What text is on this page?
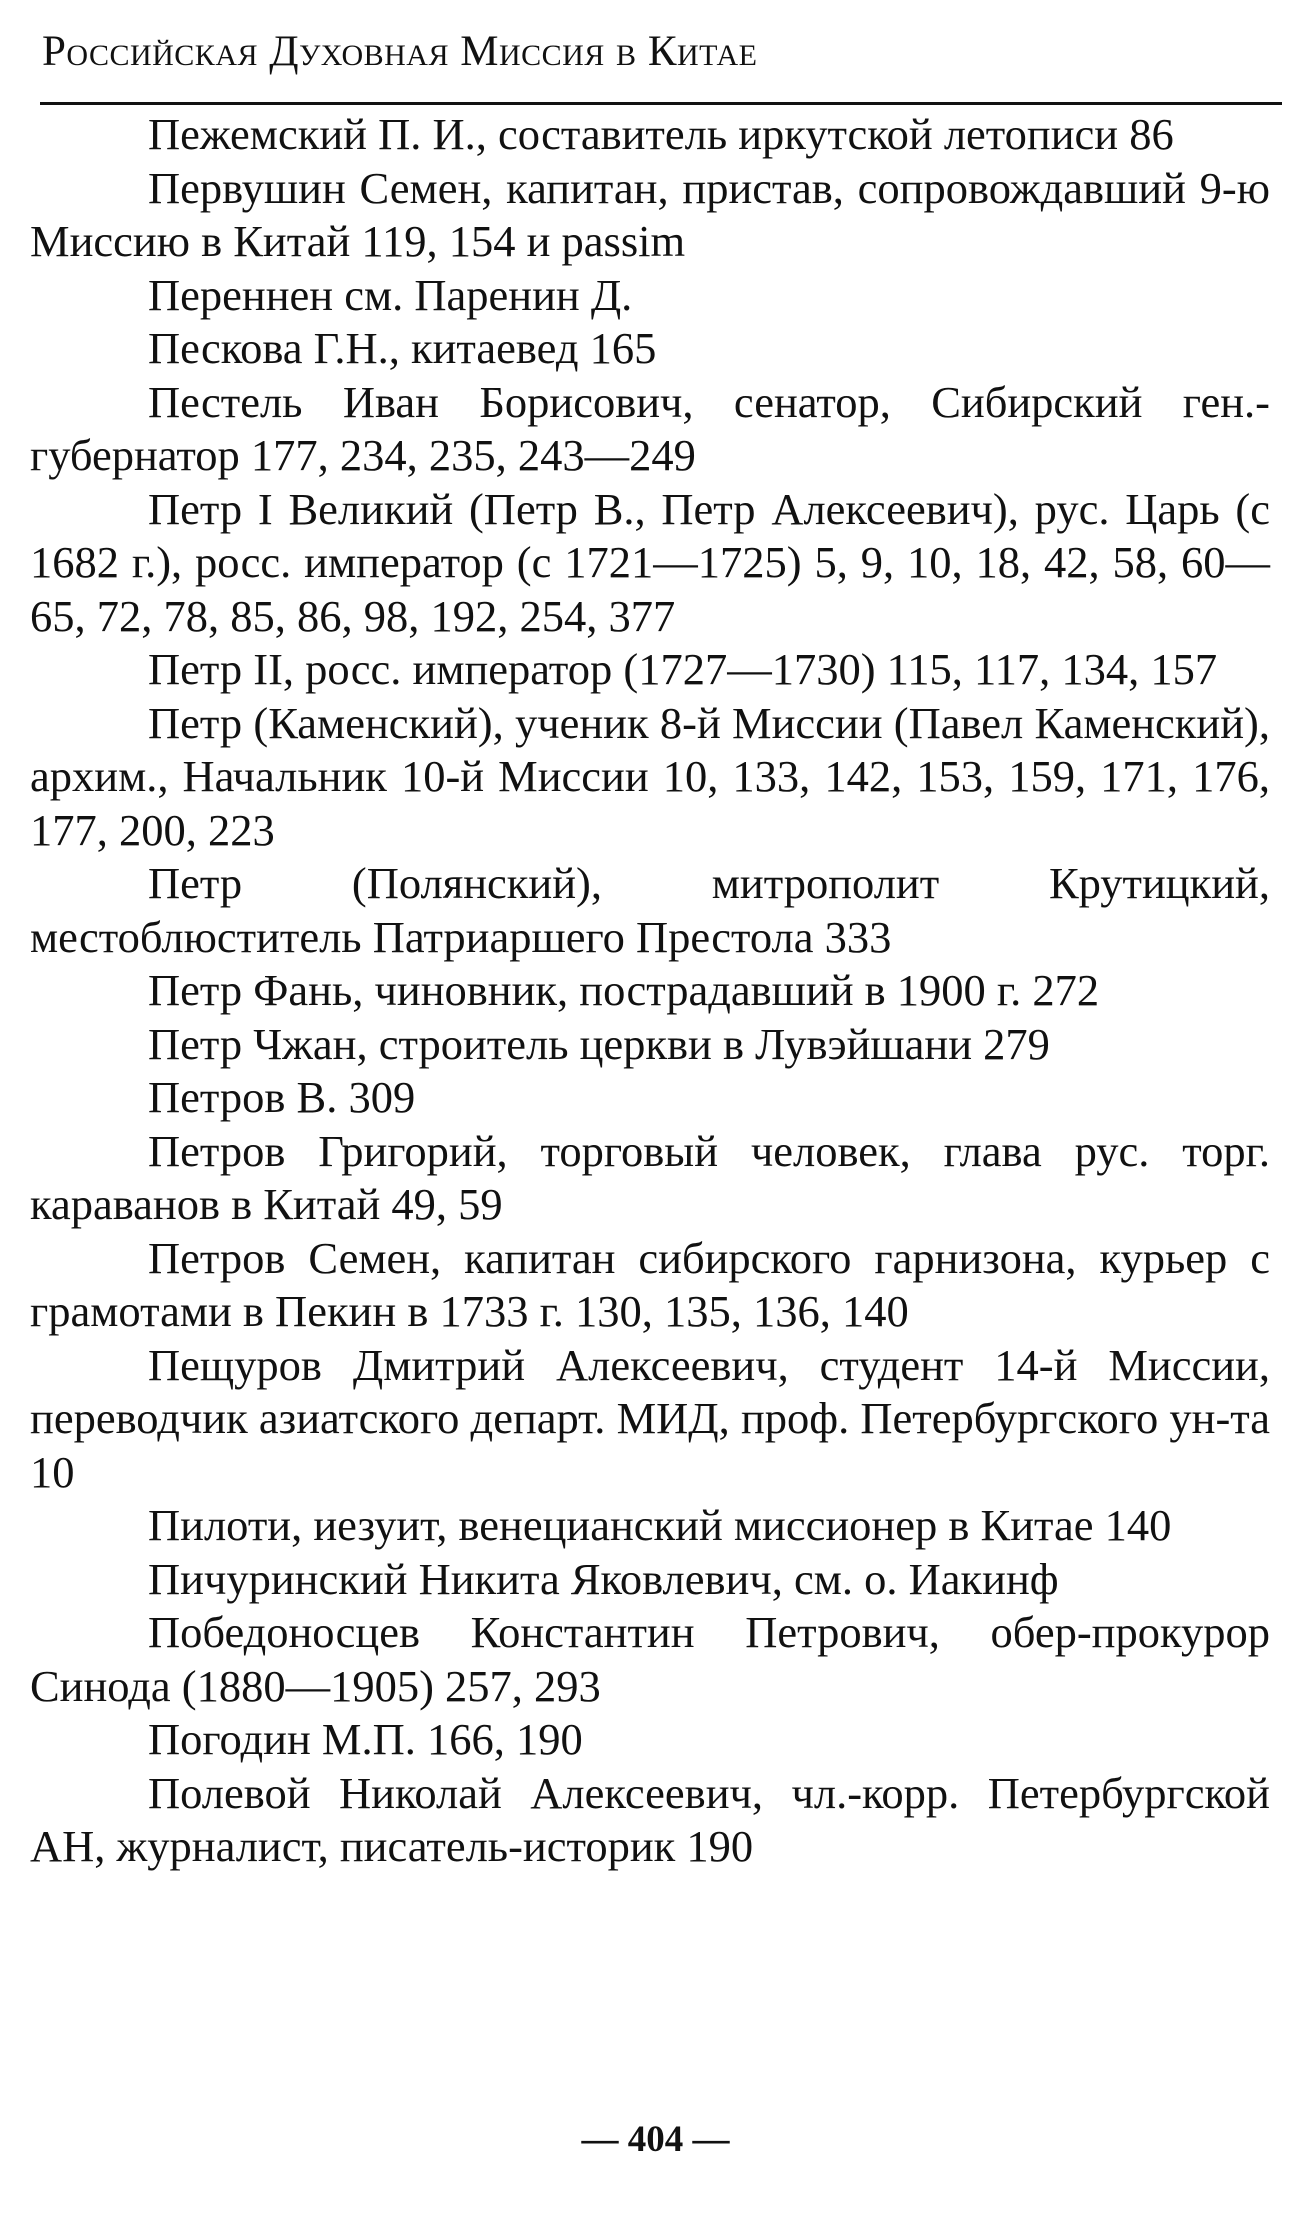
Российская Духовная Миссия в Китае

Пежемский П. И., составитель иркутской летописи 86

Первушин Семен, капитан, пристав, сопровождавший 9-ю Миссию в Китай 119, 154 и passim

Переннен см. Паренин Д.

Пескова Г.Н., китаевед 165

Пестель Иван Борисович, сенатор, Сибирский ген.-губернатор 177, 234, 235, 243—249

Петр I Великий (Петр В., Петр Алексеевич), рус. Царь (с 1682 г.), росс. император (с 1721—1725) 5, 9, 10, 18, 42, 58, 60—65, 72, 78, 85, 86, 98, 192, 254, 377

Петр II, росс. император (1727—1730) 115, 117, 134, 157

Петр (Каменский), ученик 8-й Миссии (Павел Каменский), архим., Начальник 10-й Миссии 10, 133, 142, 153, 159, 171, 176, 177, 200, 223

Петр (Полянский), митрополит Крутицкий, местоблюститель Патриаршего Престола 333

Петр Фань, чиновник, пострадавший в 1900 г. 272

Петр Чжан, строитель церкви в Лувэйшани 279

Петров В. 309

Петров Григорий, торговый человек, глава рус. торг. караванов в Китай 49, 59

Петров Семен, капитан сибирского гарнизона, курьер с грамотами в Пекин в 1733 г. 130, 135, 136, 140

Пещуров Дмитрий Алексеевич, студент 14-й Миссии, переводчик азиатского департ. МИД, проф. Петербургского ун-та 10

Пилоти, иезуит, венецианский миссионер в Китае 140

Пичуринский Никита Яковлевич, см. о. Иакинф

Победоносцев Константин Петрович, обер-прокурор Синода (1880—1905) 257, 293

Погодин М.П. 166, 190

Полевой Николай Алексеевич, чл.-корр. Петербургской АН, журналист, писатель-историк 190

— 404 —
